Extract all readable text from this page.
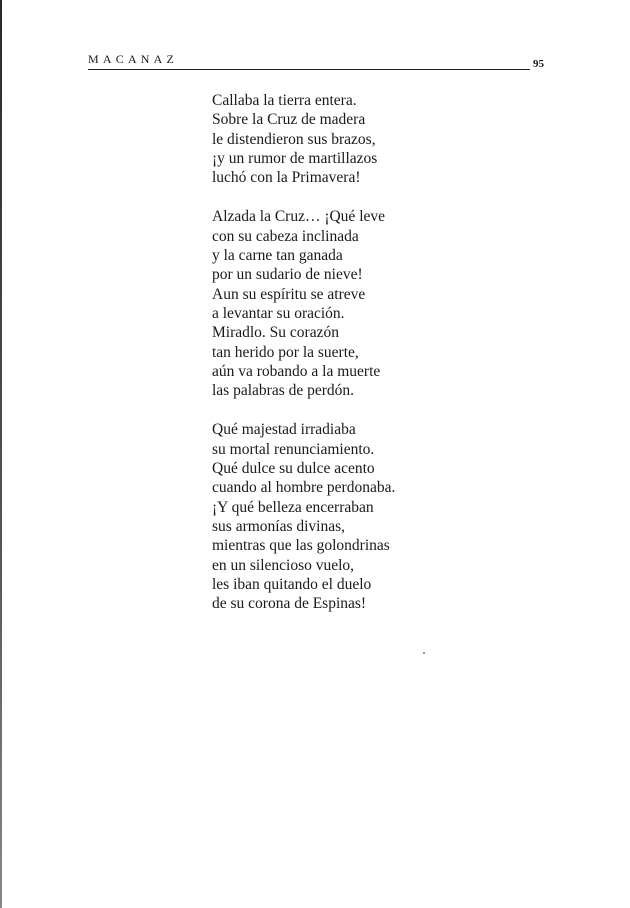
MACANAZ	95
Callaba la tierra entera.
Sobre la Cruz de madera
le distendieron sus brazos,
¡y un rumor de martillazos
luchó con la Primavera!
Alzada la Cruz… ¡Qué leve
con su cabeza inclinada
y la carne tan ganada
por un sudario de nieve!
Aun su espíritu se atreve
a levantar su oración.
Miradlo. Su corazón
tan herido por la suerte,
aún va robando a la muerte
las palabras de perdón.
Qué majestad irradiaba
su mortal renunciamiento.
Qué dulce su dulce acento
cuando al hombre perdonaba.
¡Y qué belleza encerraban
sus armonías divinas,
mientras que las golondrinas
en un silencioso vuelo,
les iban quitando el duelo
de su corona de Espinas!
